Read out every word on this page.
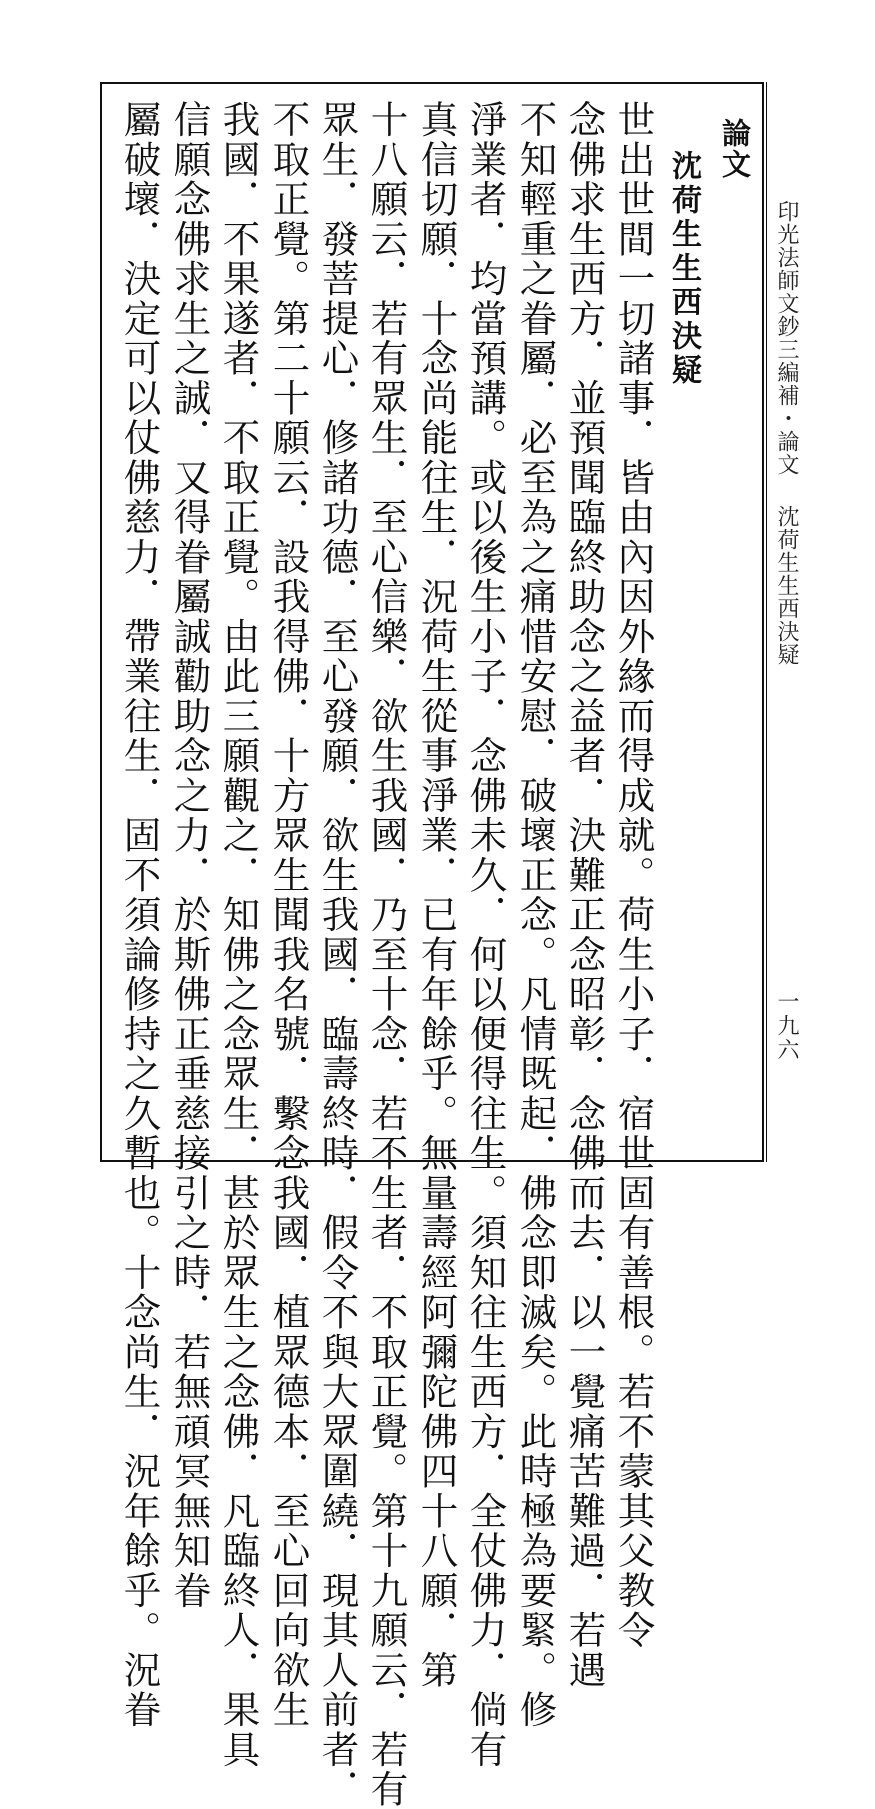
論文
沈荷生生西決疑
世出世間一切諸事．皆由內因外緣而得成就。荷生小子．宿世固有善根。若不蒙其父教令
念佛求生西方．並預聞臨終助念之益者．決難正念昭彰．念佛而去．以一覺痛苦難過．若遇
不知輕重之眷屬．必至為之痛惜安慰．破壞正念。凡情既起．佛念即滅矣。此時極為要緊。修
淨業者．均當預講。或以後生小子．念佛未久．何以便得往生。須知往生西方．全仗佛力．倘有
真信切願．十念尚能往生．況荷生從事淨業．已有年餘乎。無量壽經阿彌陀佛四十八願．第
十八願云．若有眾生．至心信樂．欲生我國．乃至十念．若不生者．不取正覺。第十九願云．若有
眾生．發菩提心．修諸功德．至心發願．欲生我國．臨壽終時．假令不與大眾圍繞．現其人前者．
不取正覺。第二十願云．設我得佛．十方眾生聞我名號．繫念我國．植眾德本．至心回向欲生
我國．不果遂者．不取正覺。由此三願觀之．知佛之念眾生．甚於眾生之念佛．凡臨終人．果具
信願念佛求生之誠．又得眷屬誠勸助念之力．於斯佛正垂慈接引之時．若無頑冥無知眷
屬破壞．決定可以仗佛慈力．帶業往生．固不須論修持之久暫也。十念尚生．況年餘乎。況眷	印光法師文鈔三編補・論文
沈荷生生西決疑
一九六
